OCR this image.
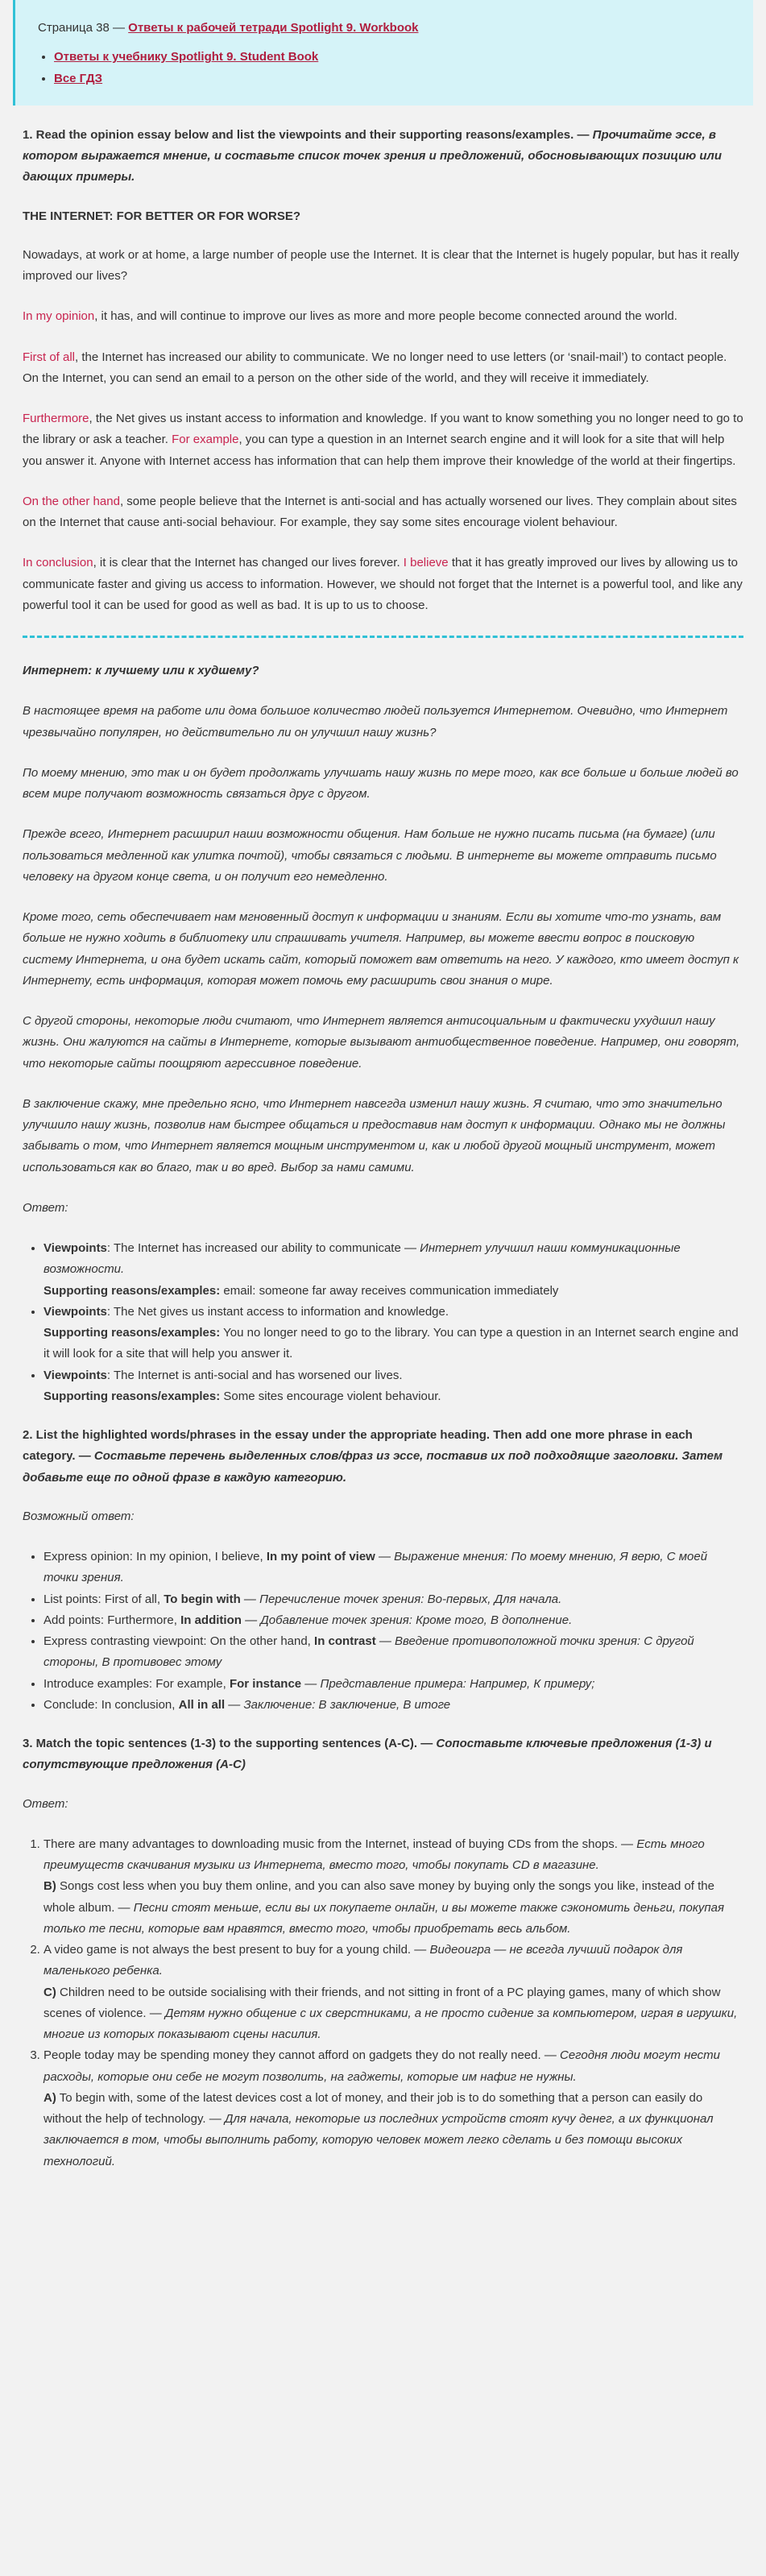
Страница 38 — Ответы к рабочей тетради Spotlight 9. Workbook

• Ответы к учебнику Spotlight 9. Student Book
• Все ГДЗ
1. Read the opinion essay below and list the viewpoints and their supporting reasons/examples. — Прочитайте эссе, в котором выражается мнение, и составьте список точек зрения и предложений, обосновывающих позицию или дающих примеры.
THE INTERNET: FOR BETTER OR FOR WORSE?

Nowadays, at work or at home, a large number of people use the Internet. It is clear that the Internet is hugely popular, but has it really improved our lives?

In my opinion, it has, and will continue to improve our lives as more and more people become connected around the world.

First of all, the Internet has increased our ability to communicate. We no longer need to use letters (or ‘snail-mail’) to contact people. On the Internet, you can send an email to a person on the other side of the world, and they will receive it immediately.

Furthermore, the Net gives us instant access to information and knowledge. If you want to know something you no longer need to go to the library or ask a teacher. For example, you can type a question in an Internet search engine and it will look for a site that will help you answer it. Anyone with Internet access has information that can help them improve their knowledge of the world at their fingertips.

On the other hand, some people believe that the Internet is anti-social and has actually worsened our lives. They complain about sites on the Internet that cause anti-social behaviour. For example, they say some sites encourage violent behaviour.

In conclusion, it is clear that the Internet has changed our lives forever. I believe that it has greatly improved our lives by allowing us to communicate faster and giving us access to information. However, we should not forget that the Internet is a powerful tool, and like any powerful tool it can be used for good as well as bad. It is up to us to choose.

Интернет: к лучшему или к худшему?

В настоящее время на работе или дома большое количество людей пользуется Интернетом. Очевидно, что Интернет чрезвычайно популярен, но действительно ли он улучшил нашу жизнь?

По моему мнению, это так и он будет продолжать улучшать нашу жизнь по мере того, как все больше и больше людей во всем мире получают возможность связаться друг с другом.

Прежде всего, Интернет расширил наши возможности общения. Нам больше не нужно писать письма (на бумаге) (или пользоваться медленной как улитка почтой), чтобы связаться с людьми. В интернете вы можете отправить письмо человеку на другом конце света, и он получит его немедленно.

Кроме того, сеть обеспечивает нам мгновенный доступ к информации и знаниям. Если вы хотите что-то узнать, вам больше не нужно ходить в библиотеку или спрашивать учителя. Например, вы можете ввести вопрос в поисковую систему Интернета, и она будет искать сайт, который поможет вам ответить на него. У каждого, кто имеет доступ к Интернету, есть информация, которая может помочь ему расширить свои знания о мире.

С другой стороны, некоторые люди считают, что Интернет является антисоциальным и фактически ухудшил нашу жизнь. Они жалуются на сайты в Интернете, которые вызывают антиобщественное поведение. Например, они говорят, что некоторые сайты поощряют агрессивное поведение.

В заключение скажу, мне предельно ясно, что Интернет навсегда изменил нашу жизнь. Я считаю, что это значительно улучшило нашу жизнь, позволив нам быстрее общаться и предоставив нам доступ к информации. Однако мы не должны забывать о том, что Интернет является мощным инструментом и, как и любой другой мощный инструмент, может использоваться как во благо, так и во вред. Выбор за нами самими.

Ответ:

• Viewpoints: The Internet has increased our ability to communicate — Интернет улучшил наши коммуникационные возможности.
Supporting reasons/examples: email: someone far away receives communication immediately
• Viewpoints: The Net gives us instant access to information and knowledge.
Supporting reasons/examples: You no longer need to go to the library. You can type a question in an Internet search engine and it will look for a site that will help you answer it.
• Viewpoints: The Internet is anti-social and has worsened our lives.
Supporting reasons/examples: Some sites encourage violent behaviour.
2. List the highlighted words/phrases in the essay under the appropriate heading. Then add one more phrase in each category. — Составьте перечень выделенных слов/фраз из эссе, поставив их под подходящие заголовки. Затем добавьте еще по одной фразе в каждую категорию.

Возможный ответ:

• Express opinion: In my opinion, I believe, In my point of view — Выражение мнения: По моему мнению, Я верю, С моей точки зрения.
• List points: First of all, To begin with — Перечисление точек зрения: Во-первых, Для начала.
• Add points: Furthermore, In addition — Добавление точек зрения: Кроме того, В дополнение.
• Express contrasting viewpoint: On the other hand, In contrast — Введение противоположной точки зрения: С другой стороны, В противовес этому
• Introduce examples: For example, For instance — Представление примера: Например, К примеру;
• Conclude: In conclusion, All in all — Заключение: В заключение, В итоге
3. Match the topic sentences (1-3) to the supporting sentences (A-C). — Сопоставьте ключевые предложения (1-3) и сопутствующие предложения (A-C)

Ответ:

1. There are many advantages to downloading music from the Internet, instead of buying CDs from the shops. — Есть много преимуществ скачивания музыки из Интернета, вместо того, чтобы покупать CD в магазине.
B) Songs cost less when you buy them online, and you can also save money by buying only the songs you like, instead of the whole album. — Песни стоят меньше, если вы их покупаете онлайн, и вы можете также сэкономить деньги, покупая только те песни, которые вам нравятся, вместо того, чтобы приобретать весь альбом.
2. A video game is not always the best present to buy for a young child. — Видеоигра — не всегда лучший подарок для маленького ребенка.
C) Children need to be outside socialising with their friends, and not sitting in front of a PC playing games, many of which show scenes of violence. — Детям нужно общение с их сверстниками, а не просто сидение за компьютером, играя в игрушки, многие из которых показывают сцены насилия.
3. People today may be spending money they cannot afford on gadgets they do not really need. — Сегодня люди могут нести расходы, которые они себе не могут позволить, на гаджеты, которые им нафиг не нужны.
A) To begin with, some of the latest devices cost a lot of money, and their job is to do something that a person can easily do without the help of technology. — Для начала, некоторые из последних устройств стоят кучу денег, а их функционал заключается в том, чтобы выполнить работу, которую человек может легко сделать и без помощи высоких технологий.
